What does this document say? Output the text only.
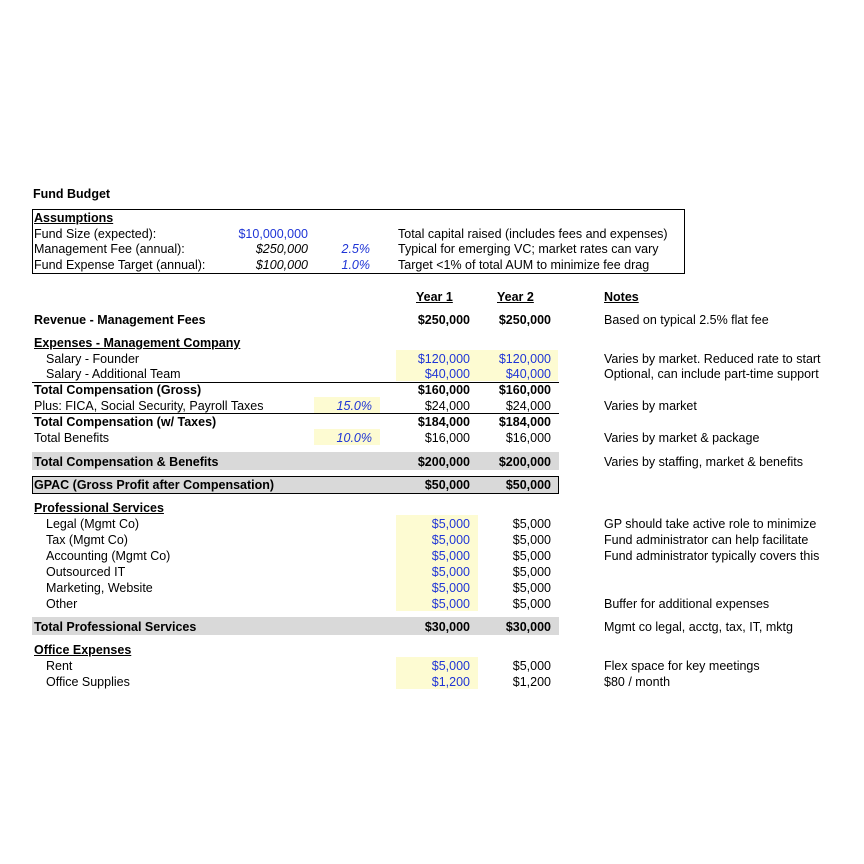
Fund Budget
Assumptions
Fund Size (expected):	$10,000,000	Total capital raised (includes fees and expenses)
Management Fee (annual):	$250,000	2.5% Typical for emerging VC; market rates can vary
Fund Expense Target (annual):	$100,000	1.0% Target <1% of total AUM to minimize fee drag
Year 1	Year 2	Notes
Revenue - Management Fees	$250,000	$250,000	Based on typical 2.5% flat fee
Expenses - Management Company
Salary - Founder	$120,000	$120,000	Varies by market. Reduced rate to start
Salary - Additional Team	$40,000	$40,000	Optional, can include part-time support
Total Compensation (Gross)	$160,000	$160,000
Plus: FICA, Social Security, Payroll Taxes	15.0%	$24,000	$24,000	Varies by market
Total Compensation (w/ Taxes)	$184,000	$184,000
Total Benefits	10.0%	$16,000	$16,000	Varies by market & package
Total Compensation & Benefits	$200,000	$200,000	Varies by staffing, market & benefits
GPAC (Gross Profit after Compensation)	$50,000	$50,000
Professional Services
Legal (Mgmt Co)	$5,000	$5,000	GP should take active role to minimize
Tax (Mgmt Co)	$5,000	$5,000	Fund administrator can help facilitate
Accounting (Mgmt Co)	$5,000	$5,000	Fund administrator typically covers this
Outsourced IT	$5,000	$5,000
Marketing, Website	$5,000	$5,000
Other	$5,000	$5,000	Buffer for additional expenses
Total Professional Services	$30,000	$30,000	Mgmt co legal, acctg, tax, IT, mktg
Office Expenses
Rent	$5,000	$5,000	Flex space for key meetings
Office Supplies	$1,200	$1,200	$80 / month
